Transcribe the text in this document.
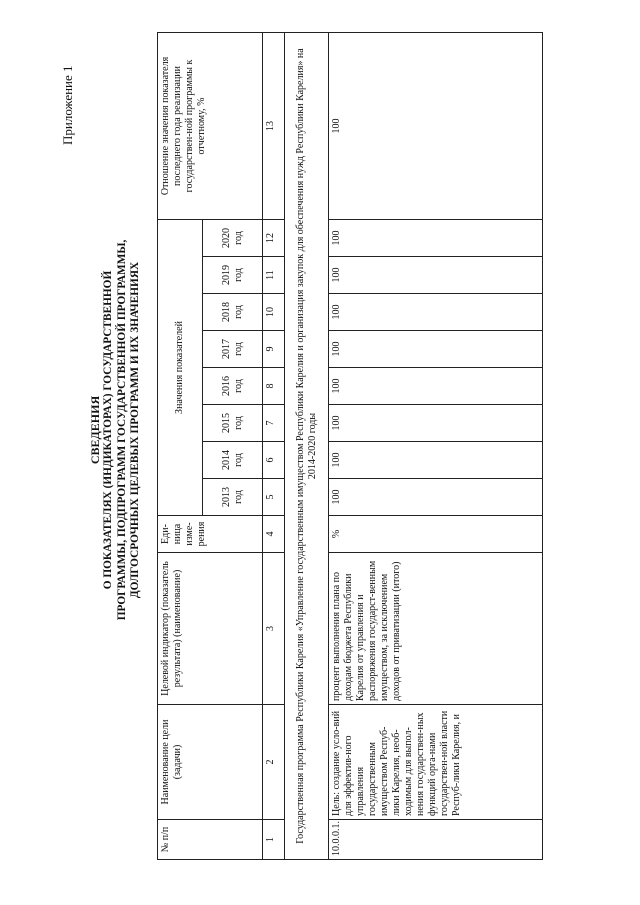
Приложение 1
СВЕДЕНИЯ О ПОКАЗАТЕЛЯХ (ИНДИКАТОРАХ) ГОСУДАРСТВЕННОЙ ПРОГРАММЫ, ПОДПРОГРАММ ГОСУДАРСТВЕННОЙ ПРОГРАММЫ, ДОЛГОСРОЧНЫХ ЦЕЛЕВЫХ ПРОГРАММ И ИХ ЗНАЧЕНИЯХ
№ п/п	Наименование цели (задачи)	Целевой индикатор (показатель результата) (наименование)	Еди-ница изме-рения	Значения показателей								Отношение значения показателя последнего года реализации государствен-ной программы к отчетному, %
				2013 год	2014 год	2015 год	2016 год	2017 год	2018 год	2019 год	2020 год	
1	2	3	4	5	6	7	8	9	10	11	12	13
Государственная программа Республики Карелия «Управление государственным имуществом Республики Карелия и организация закупок для обеспечения нужд Республики Карелия» на 2014-2020 годы												
10.0.0.1.	Цель: создание усло-вий для эффектив-ного управления государственным имуществом Респуб-лики Карелия, необ-ходимым для выпол-нения государствен-ных функций орга-нами государствен-ной власти Респуб-лики Карелия, и	процент выполнения плана по доходам бюджета Республики Карелия от управления и распоряжения государст-венным имуществом, за исключением доходов от приватизации (итого)	%	100	100	100	100	100	100	100	100	100
